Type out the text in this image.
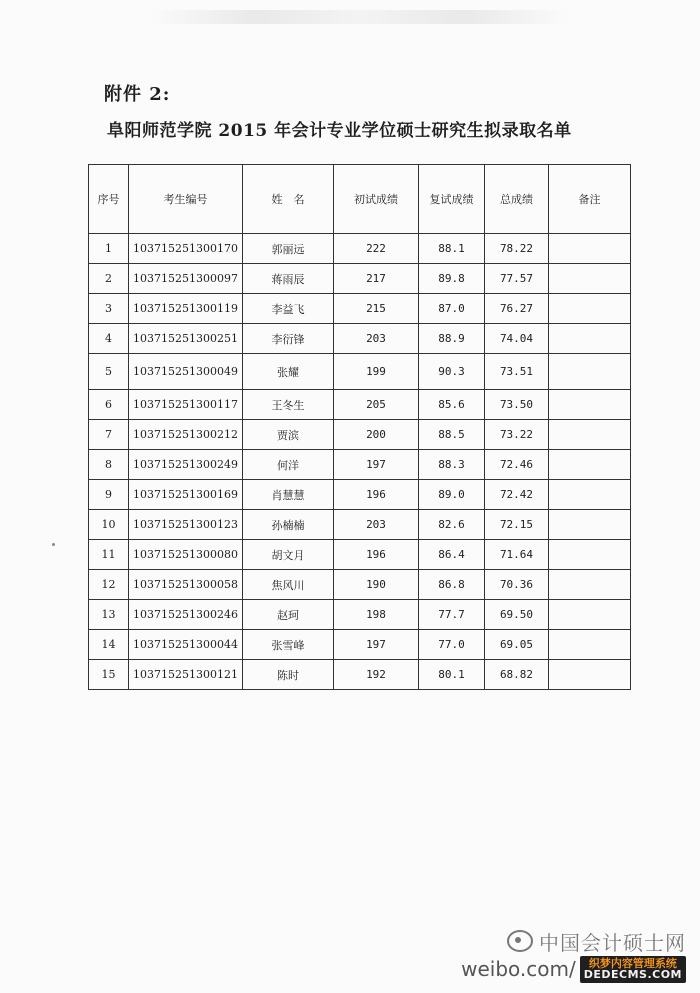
附件 2:
阜阳师范学院 2015 年会计专业学位硕士研究生拟录取名单
序号	考生编号	姓　名	初试成绩	复试成绩	总成绩	备注
1	103715251300170	郭丽远	222	88.1	78.22	
2	103715251300097	蒋雨辰	217	89.8	77.57	
3	103715251300119	李益飞	215	87.0	76.27	
4	103715251300251	李衍锋	203	88.9	74.04	
5	103715251300049	张耀	199	90.3	73.51	
6	103715251300117	王冬生	205	85.6	73.50	
7	103715251300212	贾滨	200	88.5	73.22	
8	103715251300249	何洋	197	88.3	72.46	
9	103715251300169	肖慧慧	196	89.0	72.42	
10	103715251300123	孙楠楠	203	82.6	72.15	
11	103715251300080	胡文月	196	86.4	71.64	
12	103715251300058	焦风川	190	86.8	70.36	
13	103715251300246	赵珂	198	77.7	69.50	
14	103715251300044	张雪峰	197	77.0	69.05	
15	103715251300121	陈时	192	80.1	68.82	
中国会计硕士网
weibo.com/	织梦内容管理系统
DEDECMS.COM
